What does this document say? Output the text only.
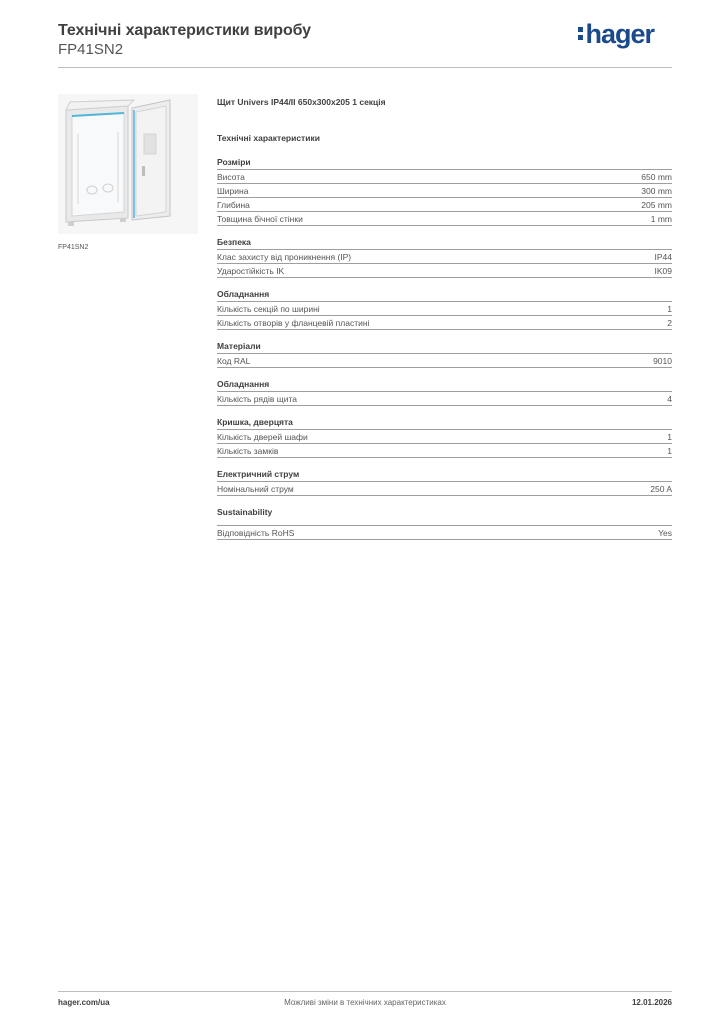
Технічні характеристики виробу
FP41SN2
hager
FP41SN2
Щит Univers IP44/II 650x300x205 1 секція
Технічні характеристики
Розміри
Висота	650 mm
Ширина	300 mm
Глибина	205 mm
Товщина бічної стінки	1 mm
Безпека
Клас захисту від проникнення (IP)	IP44
Ударостійкість IK	IK09
Обладнання
Кількість секцій по ширині	1
Кількість отворів у фланцевій пластині	2
Матеріали
Код RAL	9010
Обладнання
Кількість рядів щита	4
Кришка, дверцята
Кількість дверей шафи	1
Кількість замків	1
Електричний струм
Номінальний струм	250 A
Sustainability
Відповідність RoHS	Yes
hager.com/ua	Можливі зміни в технічних характеристиках	12.01.2026
